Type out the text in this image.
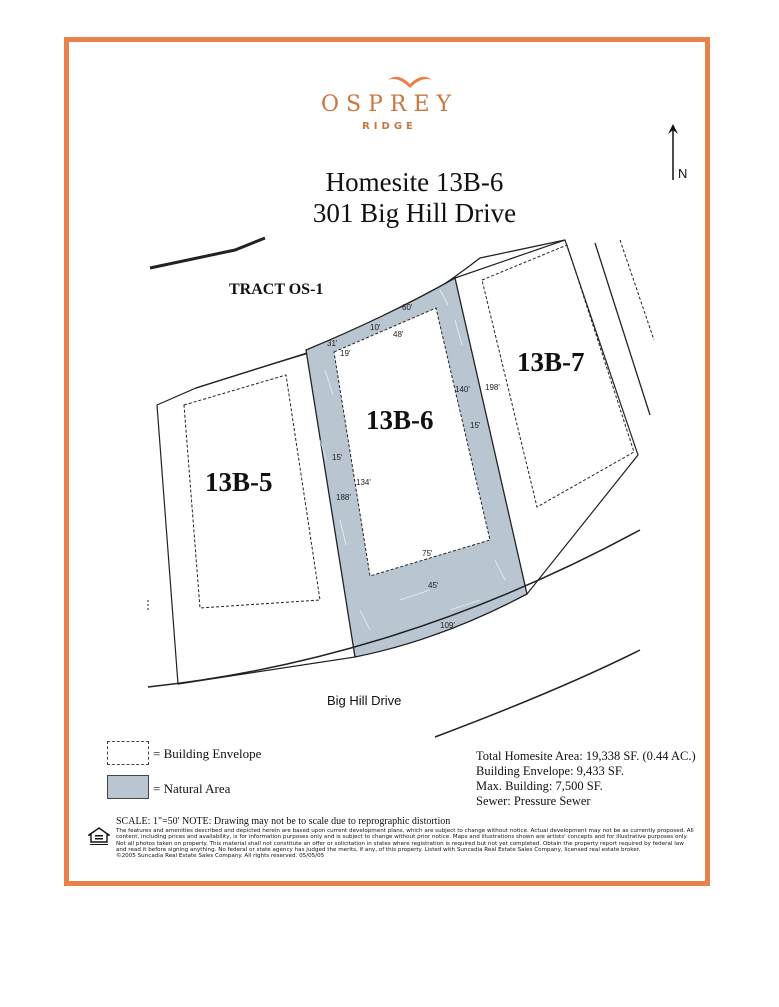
OSPREY
RIDGE
Homesite 13B-6
301 Big Hill Drive
N
10'
31'
60'
48'
19'
15'
15'
140' 198'
188'
134'
75'
45'
109'
TRACT OS-1
13B-5
13B-6
13B-7
Big Hill Drive
= Building Envelope
= Natural Area
Total Homesite Area: 19,338 SF. (0.44 AC.)
Building Envelope: 9,433 SF.
Max. Building: 7,500 SF.
Sewer: Pressure Sewer
SCALE: 1"=50' NOTE: Drawing may not be to scale due to reprographic distortion
The features and amenities described and depicted herein are based upon current development plans, which are subject to change without notice. Actual development may not be as currently proposed. All content, including prices and availability, is for information purposes only and is subject to change without prior notice. Maps and illustrations shown are artists' concepts and for illustrative purposes only. Not all photos taken on property. This material shall not constitute an offer or solicitation in states where registration is required but not yet completed. Obtain the property report required by federal law and read it before signing anything. No federal or state agency has judged the merits, if any, of this property. Listed with Suncadia Real Estate Sales Company, licensed real estate broker.
©2005 Suncadia Real Estate Sales Company. All rights reserved. 05/05/05
